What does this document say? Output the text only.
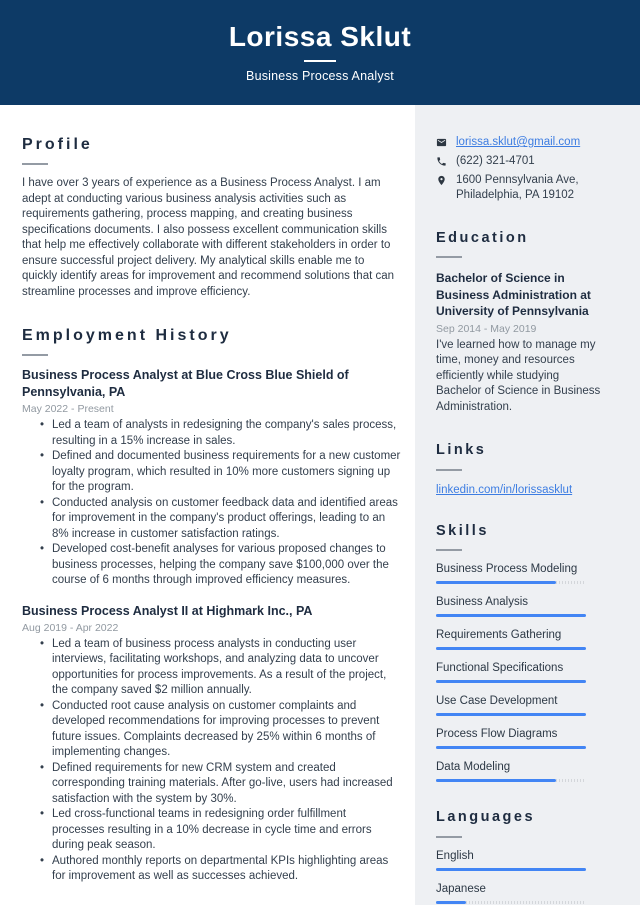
Lorissa Sklut
Business Process Analyst
Profile
I have over 3 years of experience as a Business Process Analyst. I am adept at conducting various business analysis activities such as requirements gathering, process mapping, and creating business specifications documents. I also possess excellent communication skills that help me effectively collaborate with different stakeholders in order to ensure successful project delivery. My analytical skills enable me to quickly identify areas for improvement and recommend solutions that can streamline processes and improve efficiency.
Employment History
Business Process Analyst at Blue Cross Blue Shield of Pennsylvania, PA
May 2022 - Present
• Led a team of analysts in redesigning the company's sales process, resulting in a 15% increase in sales.
• Defined and documented business requirements for a new customer loyalty program, which resulted in 10% more customers signing up for the program.
• Conducted analysis on customer feedback data and identified areas for improvement in the company's product offerings, leading to an 8% increase in customer satisfaction ratings.
• Developed cost-benefit analyses for various proposed changes to business processes, helping the company save $100,000 over the course of 6 months through improved efficiency measures.
Business Process Analyst II at Highmark Inc., PA
Aug 2019 - Apr 2022
• Led a team of business process analysts in conducting user interviews, facilitating workshops, and analyzing data to uncover opportunities for process improvements. As a result of the project, the company saved $2 million annually.
• Conducted root cause analysis on customer complaints and developed recommendations for improving processes to prevent future issues. Complaints decreased by 25% within 6 months of implementing changes.
• Defined requirements for new CRM system and created corresponding training materials. After go-live, users had increased satisfaction with the system by 30%.
• Led cross-functional teams in redesigning order fulfillment processes resulting in a 10% decrease in cycle time and errors during peak season.
• Authored monthly reports on departmental KPIs highlighting areas for improvement as well as successes achieved.
lorissa.sklut@gmail.com
(622) 321-4701
1600 Pennsylvania Ave,
Philadelphia, PA 19102
Education
Bachelor of Science in Business Administration at University of Pennsylvania
Sep 2014 - May 2019
I've learned how to manage my time, money and resources efficiently while studying Bachelor of Science in Business Administration.
Links
linkedin.com/in/lorissasklut
Skills
Business Process Modeling
Business Analysis
Requirements Gathering
Functional Specifications
Use Case Development
Process Flow Diagrams
Data Modeling
Languages
English
Japanese
